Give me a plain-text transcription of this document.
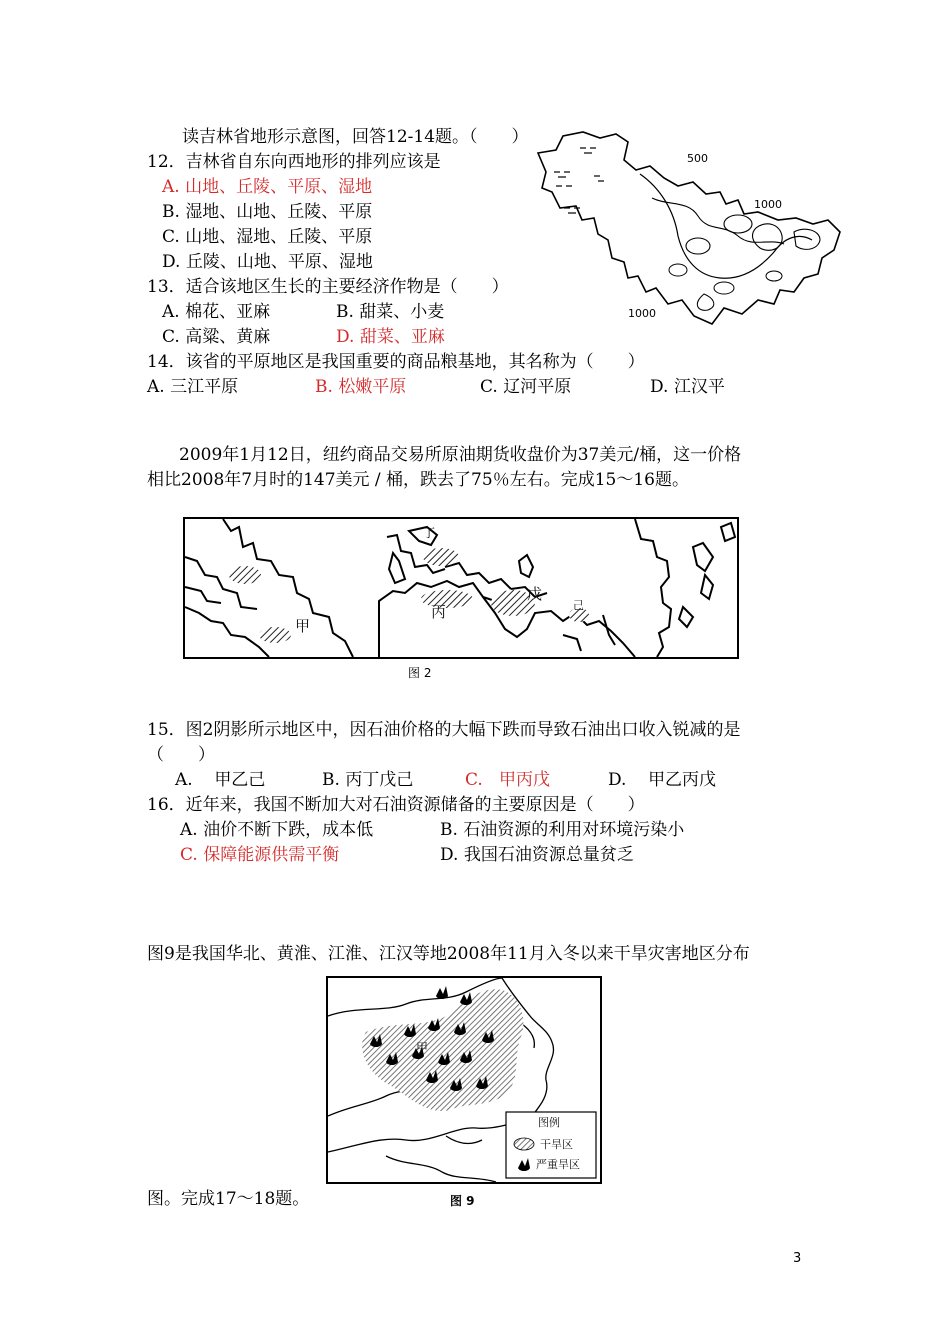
读吉林省地形示意图，回答12-14题。（　　）
12．吉林省自东向西地形的排列应该是
A. 山地、丘陵、平原、湿地
B. 湿地、山地、丘陵、平原
C. 山地、湿地、丘陵、平原
D. 丘陵、山地、平原、湿地
13．适合该地区生长的主要经济作物是（　　）
A. 棉花、亚麻	B. 甜菜、小麦
C. 高粱、黄麻	D. 甜菜、亚麻
14．该省的平原地区是我国重要的商品粮基地，其名称为（　　）
A. 三江平原	B. 松嫩平原	C. 辽河平原	D. 江汉平
500
1000
1000
2009年1月12日，纽约商品交易所原油期货收盘价为37美元/桶，这一价格
相比2008年7月时的147美元 / 桶，跌去了75％左右。完成15～16题。
甲
己
丙
丁
戊
图 2
15．图2阴影所示地区中，因石油价格的大幅下跌而导致石油出口收入锐减的是
（　　）
A. 甲乙己	B. 丙丁戊己	C. 甲丙戊	D. 甲乙丙戊
16．近年来，我国不断加大对石油资源储备的主要原因是（　　）
A. 油价不断下跌，成本低	B. 石油资源的利用对环境污染小
C. 保障能源供需平衡	D. 我国石油资源总量贫乏
图9是我国华北、黄淮、江淮、江汉等地2008年11月入冬以来干旱灾害地区分布
图。完成17～18题。
甲
图例
干旱区
严重旱区
图 9
3
